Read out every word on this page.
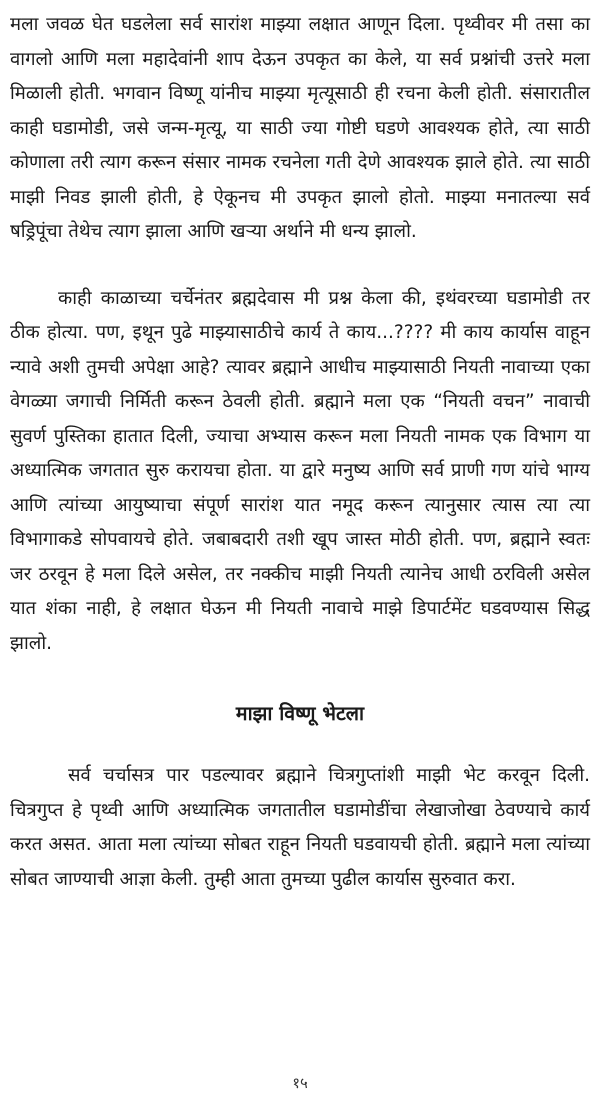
मला जवळ घेत घडलेला सर्व सारांश माझ्या लक्षात आणून दिला. पृथ्वीवर मी तसा का वागलो आणि मला महादेवांनी शाप देऊन उपकृत का केले, या सर्व प्रश्नांची उत्तरे मला मिळाली होती. भगवान विष्णू यांनीच माझ्या मृत्यूसाठी ही रचना केली होती. संसारातील काही घडामोडी, जसे जन्म-मृत्यू, या साठी ज्या गोष्टी घडणे आवश्यक होते, त्या साठी कोणाला तरी त्याग करून संसार नामक रचनेला गती देणे आवश्यक झाले होते. त्या साठी माझी निवड झाली होती, हे ऐकूनच मी उपकृत झालो होतो. माझ्या मनातल्या सर्व षड्रिपूंचा तेथेच त्याग झाला आणि खऱ्या अर्थाने मी धन्य झालो.

काही काळाच्या चर्चेनंतर ब्रह्मदेवास मी प्रश्न केला की, इथंवरच्या घडामोडी तर ठीक होत्या. पण, इथून पुढे माझ्यासाठीचे कार्य ते काय...???? मी काय कार्यास वाहून न्यावे अशी तुमची अपेक्षा आहे? त्यावर ब्रह्माने आधीच माझ्यासाठी नियती नावाच्या एका वेगळ्या जगाची निर्मिती करून ठेवली होती. ब्रह्माने मला एक “नियती वचन” नावाची सुवर्ण पुस्तिका हातात दिली, ज्याचा अभ्यास करून मला नियती नामक एक विभाग या अध्यात्मिक जगतात सुरु करायचा होता. या द्वारे मनुष्य आणि सर्व प्राणी गण यांचे भाग्य आणि त्यांच्या आयुष्याचा संपूर्ण सारांश यात नमूद करून त्यानुसार त्यास त्या त्या विभागाकडे सोपवायचे होते. जबाबदारी तशी खूप जास्त मोठी होती. पण, ब्रह्माने स्वतः जर ठरवून हे मला दिले असेल, तर नक्कीच माझी नियती त्यानेच आधी ठरविली असेल यात शंका नाही, हे लक्षात घेऊन मी नियती नावाचे माझे डिपार्टमेंट घडवण्यास सिद्ध झालो.

माझा विष्णू भेटला

सर्व चर्चासत्र पार पडल्यावर ब्रह्माने चित्रगुप्तांशी माझी भेट करवून दिली. चित्रगुप्त हे पृथ्वी आणि अध्यात्मिक जगतातील घडामोडींचा लेखाजोखा ठेवण्याचे कार्य करत असत. आता मला त्यांच्या सोबत राहून नियती घडवायची होती. ब्रह्माने मला त्यांच्या सोबत जाण्याची आज्ञा केली. तुम्ही आता तुमच्या पुढील कार्यास सुरुवात करा.

१५
